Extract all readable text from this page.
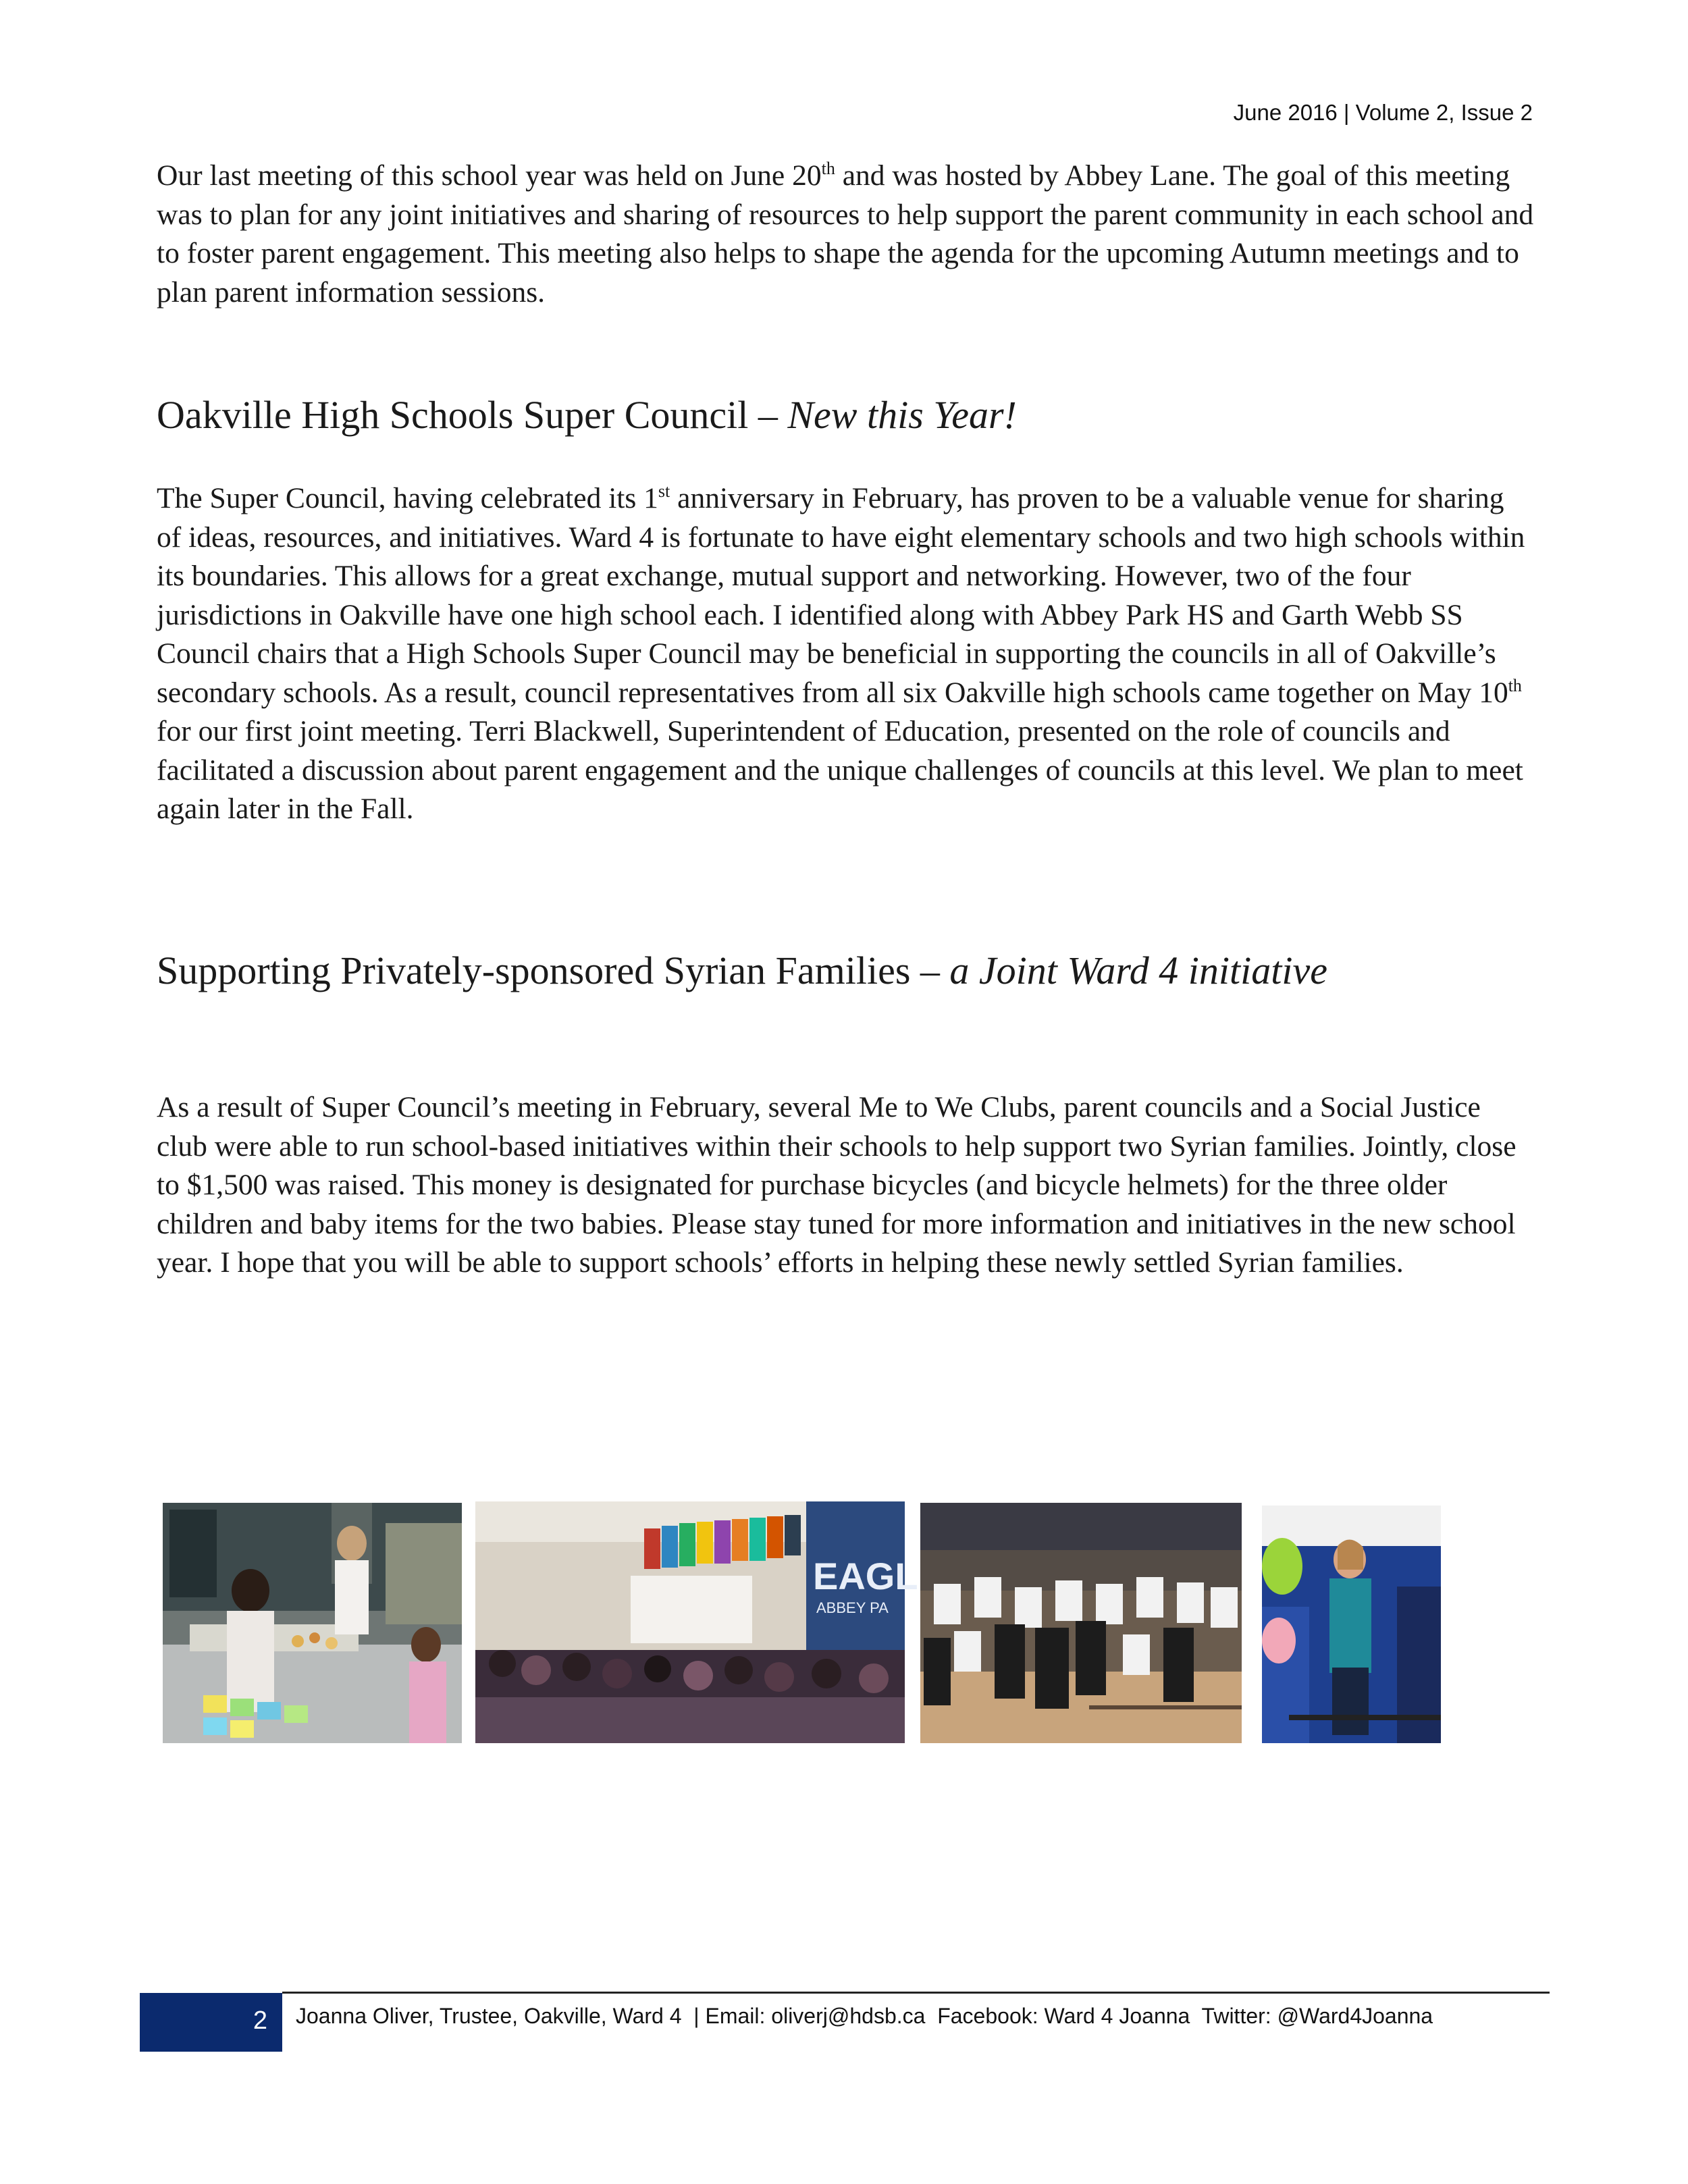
June 2016 | Volume 2, Issue 2

Our last meeting of this school year was held on June 20th and was hosted by Abbey Lane. The goal of this meeting was to plan for any joint initiatives and sharing of resources to help support the parent community in each school and to foster parent engagement. This meeting also helps to shape the agenda for the upcoming Autumn meetings and to plan parent information sessions.

Oakville High Schools Super Council – New this Year!

The Super Council, having celebrated its 1st anniversary in February, has proven to be a valuable venue for sharing of ideas, resources, and initiatives. Ward 4 is fortunate to have eight elementary schools and two high schools within its boundaries. This allows for a great exchange, mutual support and networking. However, two of the four jurisdictions in Oakville have one high school each. I identified along with Abbey Park HS and Garth Webb SS Council chairs that a High Schools Super Council may be beneficial in supporting the councils in all of Oakville’s secondary schools. As a result, council representatives from all six Oakville high schools came together on May 10th for our first joint meeting. Terri Blackwell, Superintendent of Education, presented on the role of councils and facilitated a discussion about parent engagement and the unique challenges of councils at this level. We plan to meet again later in the Fall.

Supporting Privately-sponsored Syrian Families – a Joint Ward 4 initiative

As a result of Super Council’s meeting in February, several Me to We Clubs, parent councils and a Social Justice club were able to run school-based initiatives within their schools to help support two Syrian families. Jointly, close to $1,500 was raised. This money is designated for purchase bicycles (and bicycle helmets) for the three older children and baby items for the two babies. Please stay tuned for more information and initiatives in the new school year. I hope that you will be able to support schools’ efforts in helping these newly settled Syrian families.

EAGL
ABBEY PA
2 Joanna Oliver, Trustee, Oakville, Ward 4  | Email: oliverj@hdsb.ca  Facebook: Ward 4 Joanna  Twitter: @Ward4Joanna
